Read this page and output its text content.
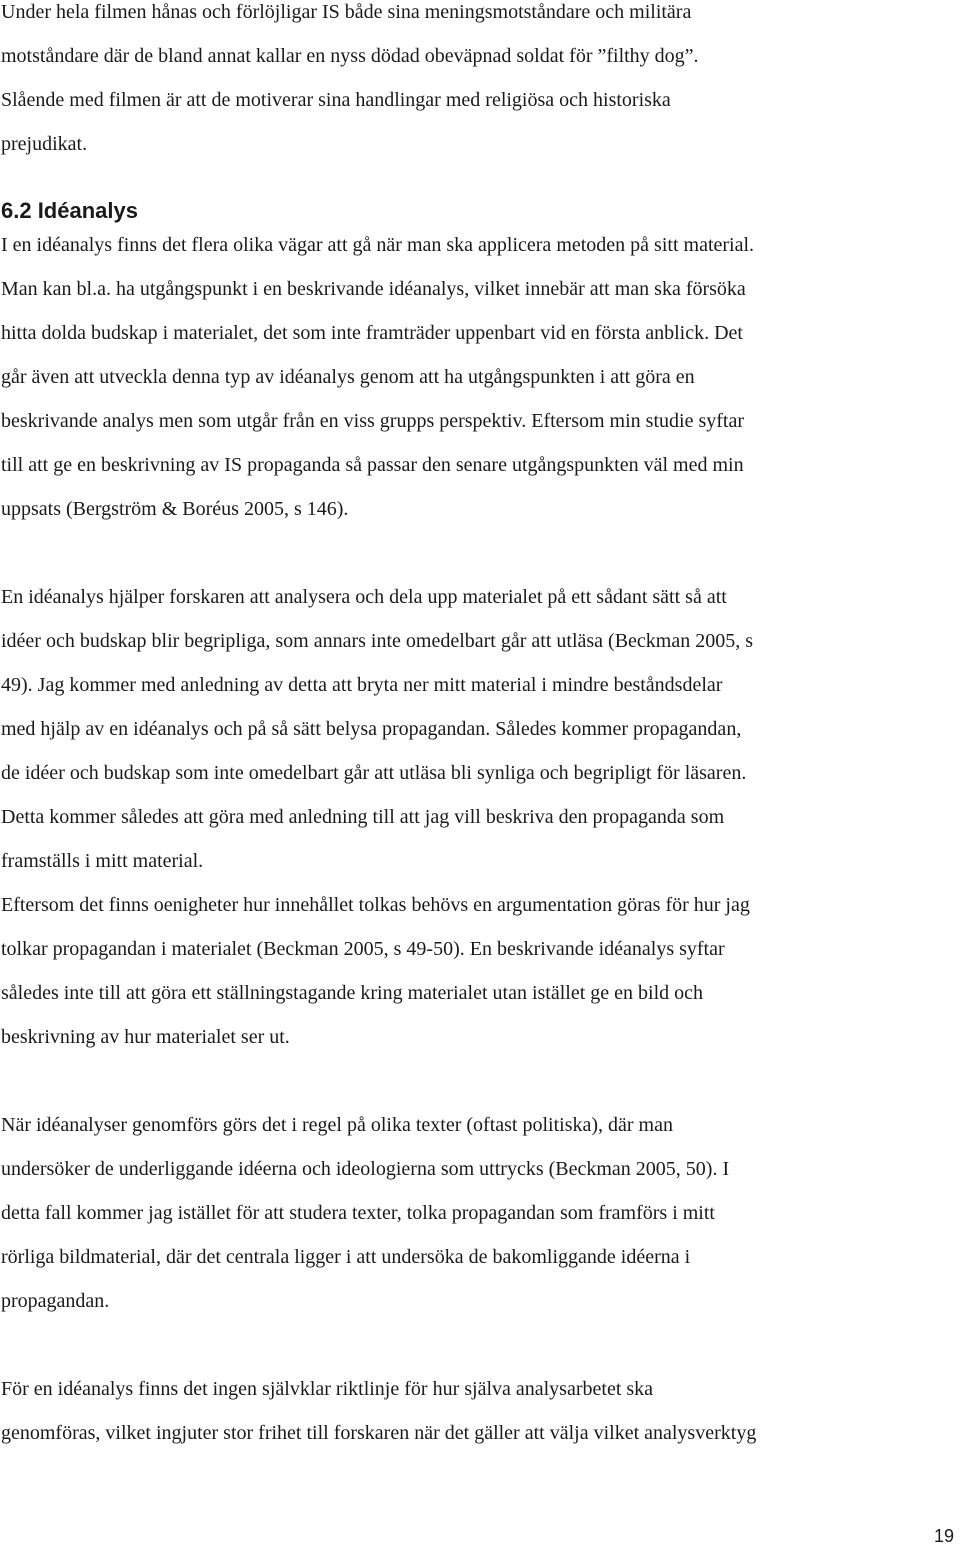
Under hela filmen hånas och förlöjligar IS både sina meningsmotståndare och militära
motståndare där de bland annat kallar en nyss dödad obeväpnad soldat för ”filthy dog”.
Slående med filmen är att de motiverar sina handlingar med religiösa och historiska
prejudikat.
6.2 Idéanalys
I en idéanalys finns det flera olika vägar att gå när man ska applicera metoden på sitt material.
Man kan bl.a. ha utgångspunkt i en beskrivande idéanalys, vilket innebär att man ska försöka
hitta dolda budskap i materialet, det som inte framträder uppenbart vid en första anblick. Det
går även att utveckla denna typ av idéanalys genom att ha utgångspunkten i att göra en
beskrivande analys men som utgår från en viss grupps perspektiv. Eftersom min studie syftar
till att ge en beskrivning av IS propaganda så passar den senare utgångspunkten väl med min
uppsats (Bergström & Boréus 2005, s 146).
En idéanalys hjälper forskaren att analysera och dela upp materialet på ett sådant sätt så att
idéer och budskap blir begripliga, som annars inte omedelbart går att utläsa (Beckman 2005, s
49). Jag kommer med anledning av detta att bryta ner mitt material i mindre beståndsdelar
med hjälp av en idéanalys och på så sätt belysa propagandan. Således kommer propagandan,
de idéer och budskap som inte omedelbart går att utläsa bli synliga och begripligt för läsaren.
Detta kommer således att göra med anledning till att jag vill beskriva den propaganda som
framställs i mitt material.
Eftersom det finns oenigheter hur innehållet tolkas behövs en argumentation göras för hur jag
tolkar propagandan i materialet (Beckman 2005, s 49-50). En beskrivande idéanalys syftar
således inte till att göra ett ställningstagande kring materialet utan istället ge en bild och
beskrivning av hur materialet ser ut.
När idéanalyser genomförs görs det i regel på olika texter (oftast politiska), där man
undersöker de underliggande idéerna och ideologierna som uttrycks (Beckman 2005, 50). I
detta fall kommer jag istället för att studera texter, tolka propagandan som framförs i mitt
rörliga bildmaterial, där det centrala ligger i att undersöka de bakomliggande idéerna i
propagandan.
För en idéanalys finns det ingen självklar riktlinje för hur själva analysarbetet ska
genomföras, vilket ingjuter stor frihet till forskaren när det gäller att välja vilket analysverktyg
19
